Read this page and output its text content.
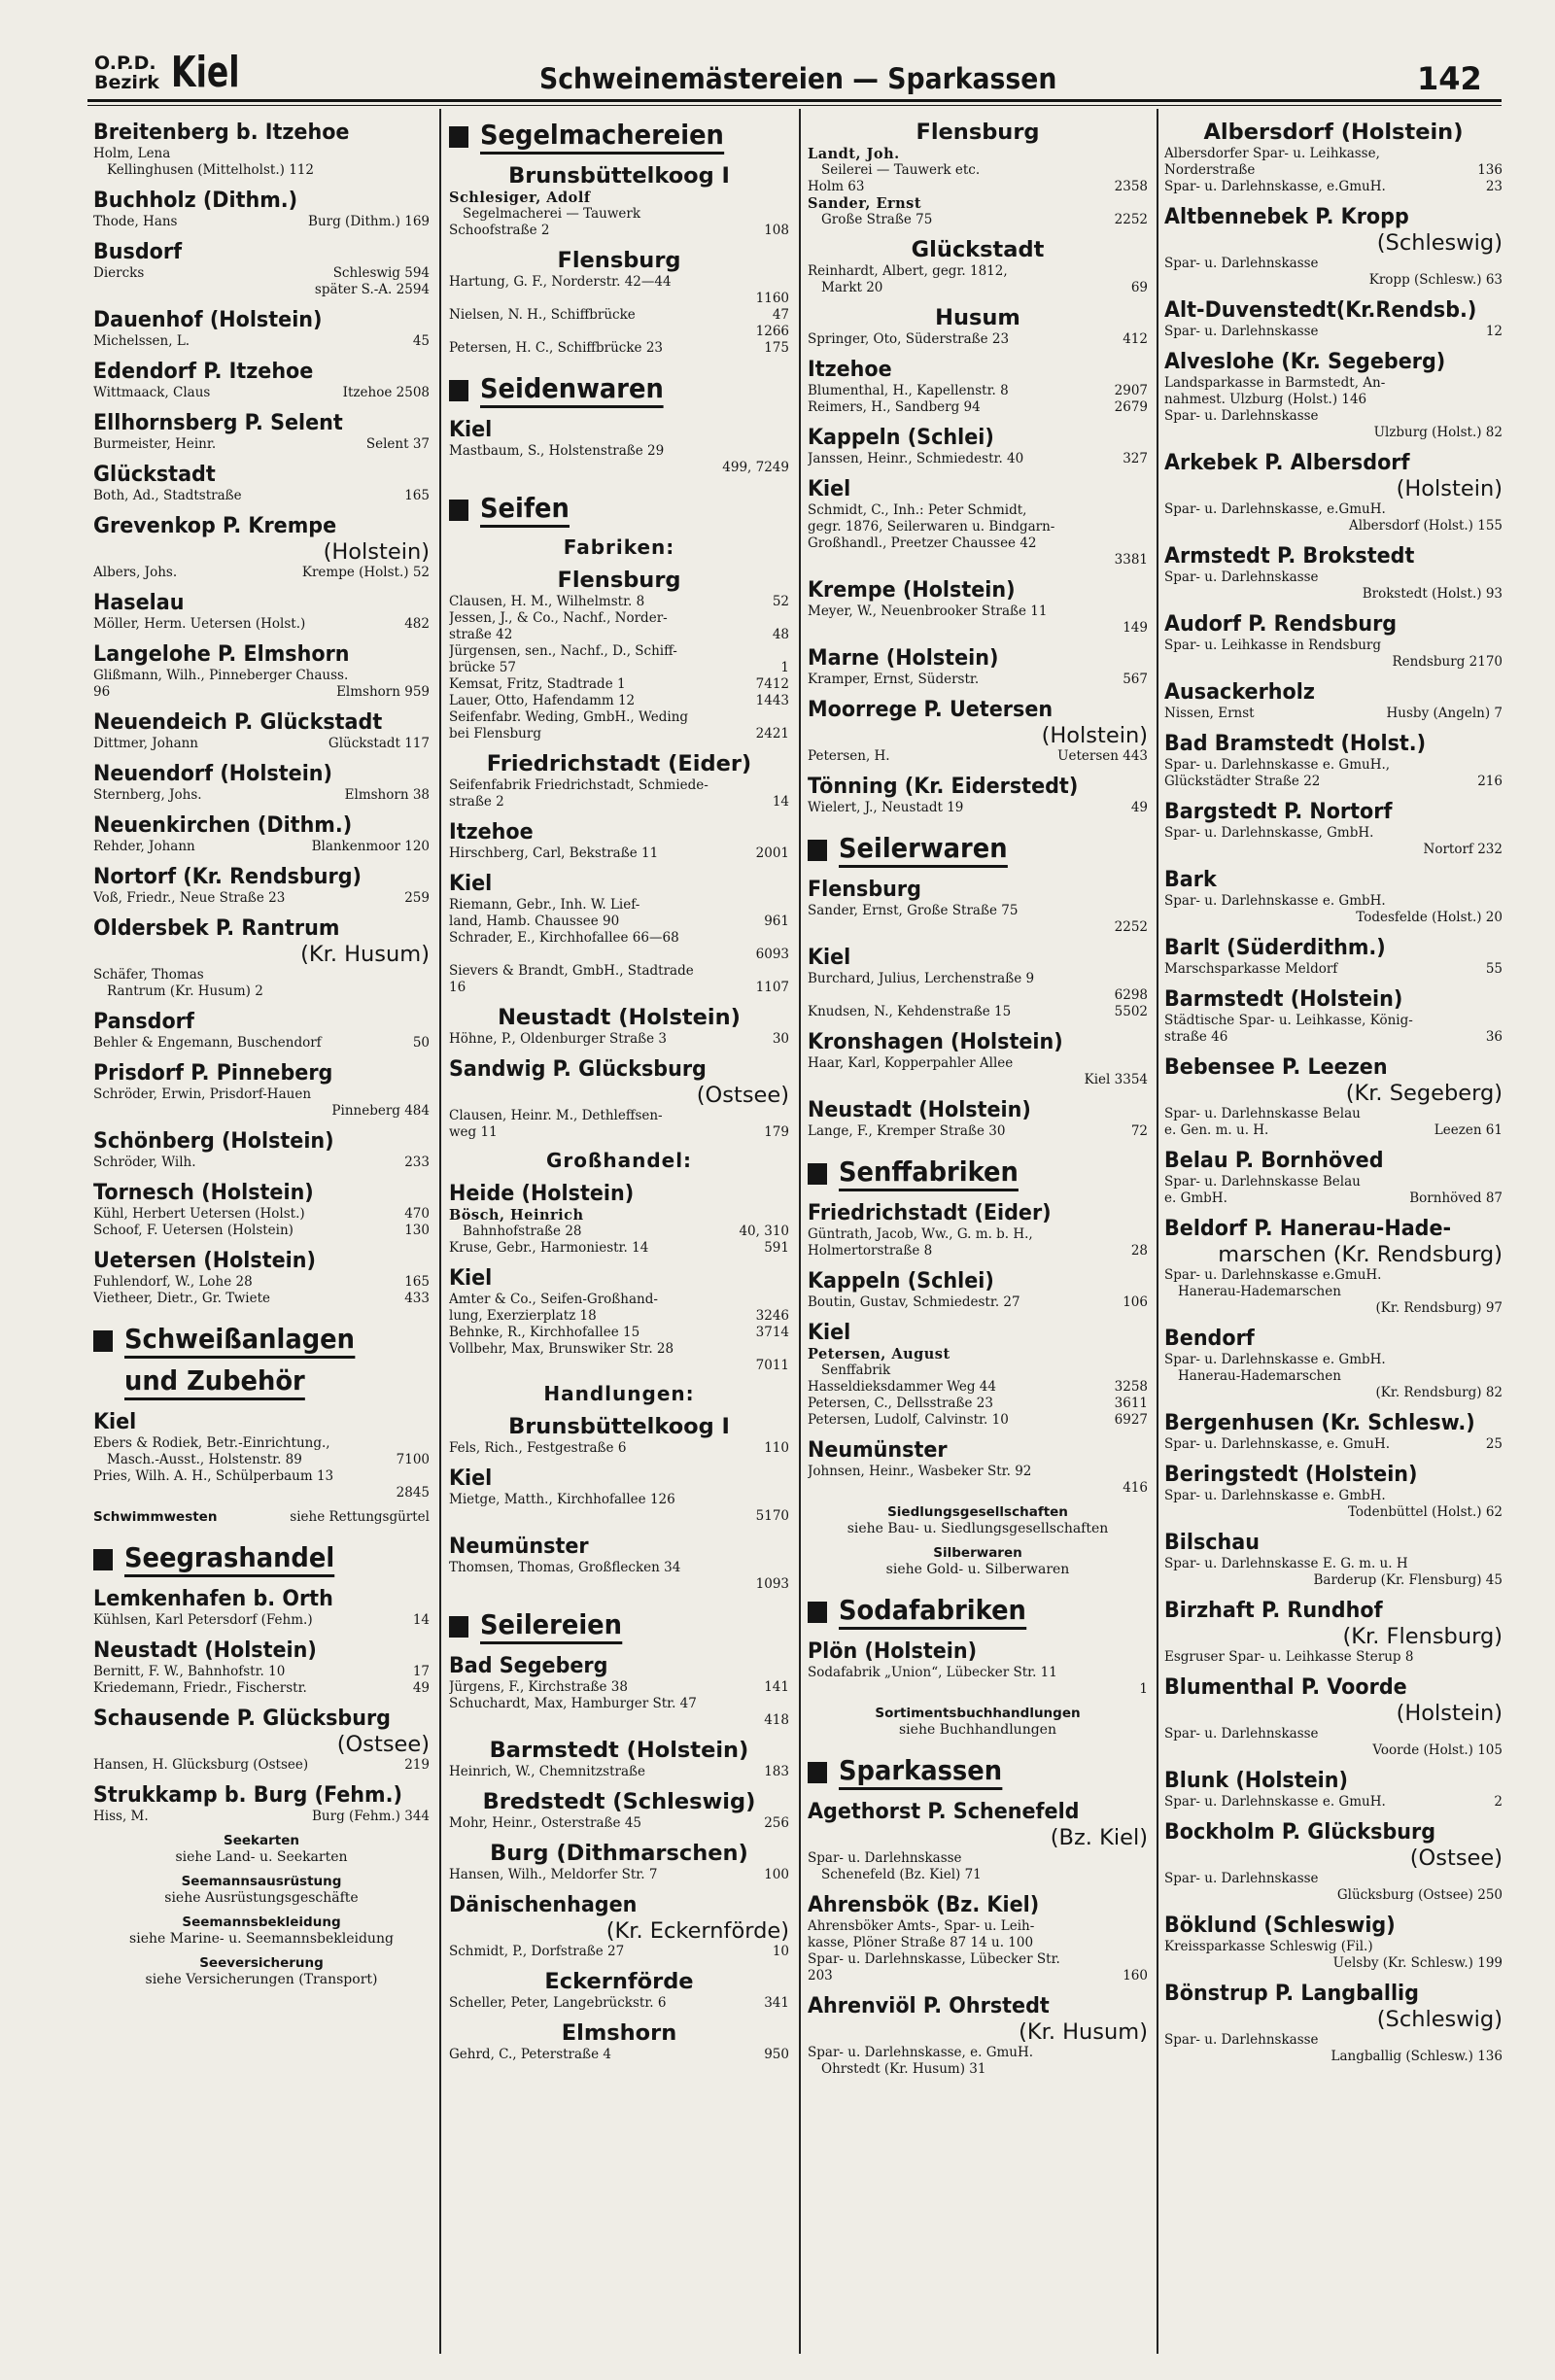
O.P.D.
Bezirk Kiel	Schweinemästereien — Sparkassen	142
Breitenberg b. Itzehoe
Holm, Lena
Kellinghusen (Mittelholst.) 112
Buchholz (Dithm.)
Thode, Hans	Burg (Dithm.) 169
Busdorf
Diercks	Schleswig 594
später S.-A. 2594
Dauenhof (Holstein)
Michelssen, L.	45
Edendorf P. Itzehoe
Wittmaack, Claus	Itzehoe 2508
Ellhornsberg P. Selent
Burmeister, Heinr.	Selent 37
Glückstadt
Both, Ad., Stadtstraße	165
Grevenkop P. Krempe
(Holstein)
Albers, Johs.	Krempe (Holst.) 52
Haselau
Möller, Herm. Uetersen (Holst.)	482
Langelohe P. Elmshorn
Glißmann, Wilh., Pinneberger Chauss.
96	Elmshorn 959
Neuendeich P. Glückstadt
Dittmer, Johann	Glückstadt 117
Neuendorf (Holstein)
Sternberg, Johs.	Elmshorn 38
Neuenkirchen (Dithm.)
Rehder, Johann	Blankenmoor 120
Nortorf (Kr. Rendsburg)
Voß, Friedr., Neue Straße 23	259
Oldersbek P. Rantrum
(Kr. Husum)
Schäfer, Thomas
Rantrum (Kr. Husum) 2
Pansdorf
Behler & Engemann, Buschendorf	50
Prisdorf P. Pinneberg
Schröder, Erwin, Prisdorf-Hauen
Pinneberg 484
Schönberg (Holstein)
Schröder, Wilh.	233
Tornesch (Holstein)
Kühl, Herbert Uetersen (Holst.)	470
Schoof, F. Uetersen (Holstein)	130
Uetersen (Holstein)
Fuhlendorf, W., Lohe 28	165
Vietheer, Dietr., Gr. Twiete	433
Schweißanlagen
und Zubehör
Kiel
Ebers & Rodiek, Betr.-Einrichtung.,
Masch.-Ausst., Holstenstr. 89	7100
Pries, Wilh. A. H., Schülperbaum 13
2845
Schwimmwesten	siehe Rettungsgürtel
Seegrashandel
Lemkenhafen b. Orth
Kühlsen, Karl Petersdorf (Fehm.)	14
Neustadt (Holstein)
Bernitt, F. W., Bahnhofstr. 10	17
Kriedemann, Friedr., Fischerstr.	49
Schausende P. Glücksburg
(Ostsee)
Hansen, H. Glücksburg (Ostsee)	219
Strukkamp b. Burg (Fehm.)
Hiss, M.	Burg (Fehm.) 344
Seekarten
siehe Land- u. Seekarten
Seemannsausrüstung
siehe Ausrüstungsgeschäfte
Seemannsbekleidung
siehe Marine- u. Seemannsbekleidung
Seeversicherung
siehe Versicherungen (Transport)
Segelmachereien
Brunsbüttelkoog I
Schlesiger, Adolf
Segelmacherei — Tauwerk
Schoofstraße 2	108
Flensburg
Hartung, G. F., Norderstr. 42—44
1160
Nielsen, N. H., Schiffbrücke	47
1266
Petersen, H. C., Schiffbrücke 23	175
Seidenwaren
Kiel
Mastbaum, S., Holstenstraße 29
499, 7249
Seifen
Fabriken:
Flensburg
Clausen, H. M., Wilhelmstr. 8	52
Jessen, J., & Co., Nachf., Norder-
straße 42	48
Jürgensen, sen., Nachf., D., Schiff-
brücke 57	1
Kemsat, Fritz, Stadtrade 1	7412
Lauer, Otto, Hafendamm 12	1443
Seifenfabr. Weding, GmbH., Weding
bei Flensburg	2421
Friedrichstadt (Eider)
Seifenfabrik Friedrichstadt, Schmiede-
straße 2	14
Itzehoe
Hirschberg, Carl, Bekstraße 11	2001
Kiel
Riemann, Gebr., Inh. W. Lief-
land, Hamb. Chaussee 90	961
Schrader, E., Kirchhofallee 66—68
6093
Sievers & Brandt, GmbH., Stadtrade
16	1107
Neustadt (Holstein)
Höhne, P., Oldenburger Straße 3	30
Sandwig P. Glücksburg
(Ostsee)
Clausen, Heinr. M., Dethleffsen-
weg 11	179
Großhandel:
Heide (Holstein)
Bösch, Heinrich
Bahnhofstraße 28	40, 310
Kruse, Gebr., Harmoniestr. 14	591
Kiel
Amter & Co., Seifen-Großhand-
lung, Exerzierplatz 18	3246
Behnke, R., Kirchhofallee 15	3714
Vollbehr, Max, Brunswiker Str. 28
7011
Handlungen:
Brunsbüttelkoog I
Fels, Rich., Festgestraße 6	110
Kiel
Mietge, Matth., Kirchhofallee 126
5170
Neumünster
Thomsen, Thomas, Großflecken 34
1093
Seilereien
Bad Segeberg
Jürgens, F., Kirchstraße 38	141
Schuchardt, Max, Hamburger Str. 47
418
Barmstedt (Holstein)
Heinrich, W., Chemnitzstraße	183
Bredstedt (Schleswig)
Mohr, Heinr., Osterstraße 45	256
Burg (Dithmarschen)
Hansen, Wilh., Meldorfer Str. 7	100
Dänischenhagen
(Kr. Eckernförde)
Schmidt, P., Dorfstraße 27	10
Eckernförde
Scheller, Peter, Langebrückstr. 6	341
Elmshorn
Gehrd, C., Peterstraße 4	950
Flensburg
Landt, Joh.
Seilerei — Tauwerk etc.
Holm 63	2358
Sander, Ernst
Große Straße 75	2252
Glückstadt
Reinhardt, Albert, gegr. 1812,
Markt 20	69
Husum
Springer, Oto, Süderstraße 23	412
Itzehoe
Blumenthal, H., Kapellenstr. 8	2907
Reimers, H., Sandberg 94	2679
Kappeln (Schlei)
Janssen, Heinr., Schmiedestr. 40	327
Kiel
Schmidt, C., Inh.: Peter Schmidt,
gegr. 1876, Seilerwaren u. Bindgarn-
Großhandl., Preetzer Chaussee 42
3381
Krempe (Holstein)
Meyer, W., Neuenbrooker Straße 11
149
Marne (Holstein)
Kramper, Ernst, Süderstr.	567
Moorrege P. Uetersen
(Holstein)
Petersen, H.	Uetersen 443
Tönning (Kr. Eiderstedt)
Wielert, J., Neustadt 19	49
Seilerwaren
Flensburg
Sander, Ernst, Große Straße 75
2252
Kiel
Burchard, Julius, Lerchenstraße 9
6298
Knudsen, N., Kehdenstraße 15	5502
Kronshagen (Holstein)
Haar, Karl, Kopperpahler Allee
Kiel 3354
Neustadt (Holstein)
Lange, F., Kremper Straße 30	72
Senffabriken
Friedrichstadt (Eider)
Güntrath, Jacob, Ww., G. m. b. H.,
Holmertorstraße 8	28
Kappeln (Schlei)
Boutin, Gustav, Schmiedestr. 27	106
Kiel
Petersen, August
Senffabrik
Hasseldieksdammer Weg 44	3258
Petersen, C., Dellsstraße 23	3611
Petersen, Ludolf, Calvinstr. 10	6927
Neumünster
Johnsen, Heinr., Wasbeker Str. 92
416
Siedlungsgesellschaften
siehe Bau- u. Siedlungsgesellschaften
Silberwaren
siehe Gold- u. Silberwaren
Sodafabriken
Plön (Holstein)
Sodafabrik „Union“, Lübecker Str. 11
1
Sortimentsbuchhandlungen
siehe Buchhandlungen
Sparkassen
Agethorst P. Schenefeld
(Bz. Kiel)
Spar- u. Darlehnskasse
Schenefeld (Bz. Kiel) 71
Ahrensbök (Bz. Kiel)
Ahrensböker Amts-, Spar- u. Leih-
kasse, Plöner Straße 87 14 u. 100
Spar- u. Darlehnskasse, Lübecker Str.
203	160
Ahrenviöl P. Ohrstedt
(Kr. Husum)
Spar- u. Darlehnskasse, e. GmuH.
Ohrstedt (Kr. Husum) 31
Albersdorf (Holstein)
Albersdorfer Spar- u. Leihkasse,
Norderstraße	136
Spar- u. Darlehnskasse, e.GmuH.	23
Altbennebek P. Kropp
(Schleswig)
Spar- u. Darlehnskasse
Kropp (Schlesw.) 63
Alt-Duvenstedt(Kr.Rendsb.)
Spar- u. Darlehnskasse	12
Alveslohe (Kr. Segeberg)
Landsparkasse in Barmstedt, An-
nahmest. Ulzburg (Holst.) 146
Spar- u. Darlehnskasse
Ulzburg (Holst.) 82
Arkebek P. Albersdorf
(Holstein)
Spar- u. Darlehnskasse, e.GmuH.
Albersdorf (Holst.) 155
Armstedt P. Brokstedt
Spar- u. Darlehnskasse
Brokstedt (Holst.) 93
Audorf P. Rendsburg
Spar- u. Leihkasse in Rendsburg
Rendsburg 2170
Ausackerholz
Nissen, Ernst	Husby (Angeln) 7
Bad Bramstedt (Holst.)
Spar- u. Darlehnskasse e. GmuH.,
Glückstädter Straße 22	216
Bargstedt P. Nortorf
Spar- u. Darlehnskasse, GmbH.
Nortorf 232
Bark
Spar- u. Darlehnskasse e. GmbH.
Todesfelde (Holst.) 20
Barlt (Süderdithm.)
Marschsparkasse Meldorf	55
Barmstedt (Holstein)
Städtische Spar- u. Leihkasse, König-
straße 46	36
Bebensee P. Leezen
(Kr. Segeberg)
Spar- u. Darlehnskasse Belau
e. Gen. m. u. H.	Leezen 61
Belau P. Bornhöved
Spar- u. Darlehnskasse Belau
e. GmbH.	Bornhöved 87
Beldorf P. Hanerau-Hade-
marschen (Kr. Rendsburg)
Spar- u. Darlehnskasse e.GmuH.
Hanerau-Hademarschen
(Kr. Rendsburg) 97
Bendorf
Spar- u. Darlehnskasse e. GmbH.
Hanerau-Hademarschen
(Kr. Rendsburg) 82
Bergenhusen (Kr. Schlesw.)
Spar- u. Darlehnskasse, e. GmuH.	25
Beringstedt (Holstein)
Spar- u. Darlehnskasse e. GmbH.
Todenbüttel (Holst.) 62
Bilschau
Spar- u. Darlehnskasse E. G. m. u. H
Barderup (Kr. Flensburg) 45
Birzhaft P. Rundhof
(Kr. Flensburg)
Esgruser Spar- u. Leihkasse Sterup 8
Blumenthal P. Voorde
(Holstein)
Spar- u. Darlehnskasse
Voorde (Holst.) 105
Blunk (Holstein)
Spar- u. Darlehnskasse e. GmuH.	2
Bockholm P. Glücksburg
(Ostsee)
Spar- u. Darlehnskasse
Glücksburg (Ostsee) 250
Böklund (Schleswig)
Kreissparkasse Schleswig (Fil.)
Uelsby (Kr. Schlesw.) 199
Bönstrup P. Langballig
(Schleswig)
Spar- u. Darlehnskasse
Langballig (Schlesw.) 136
